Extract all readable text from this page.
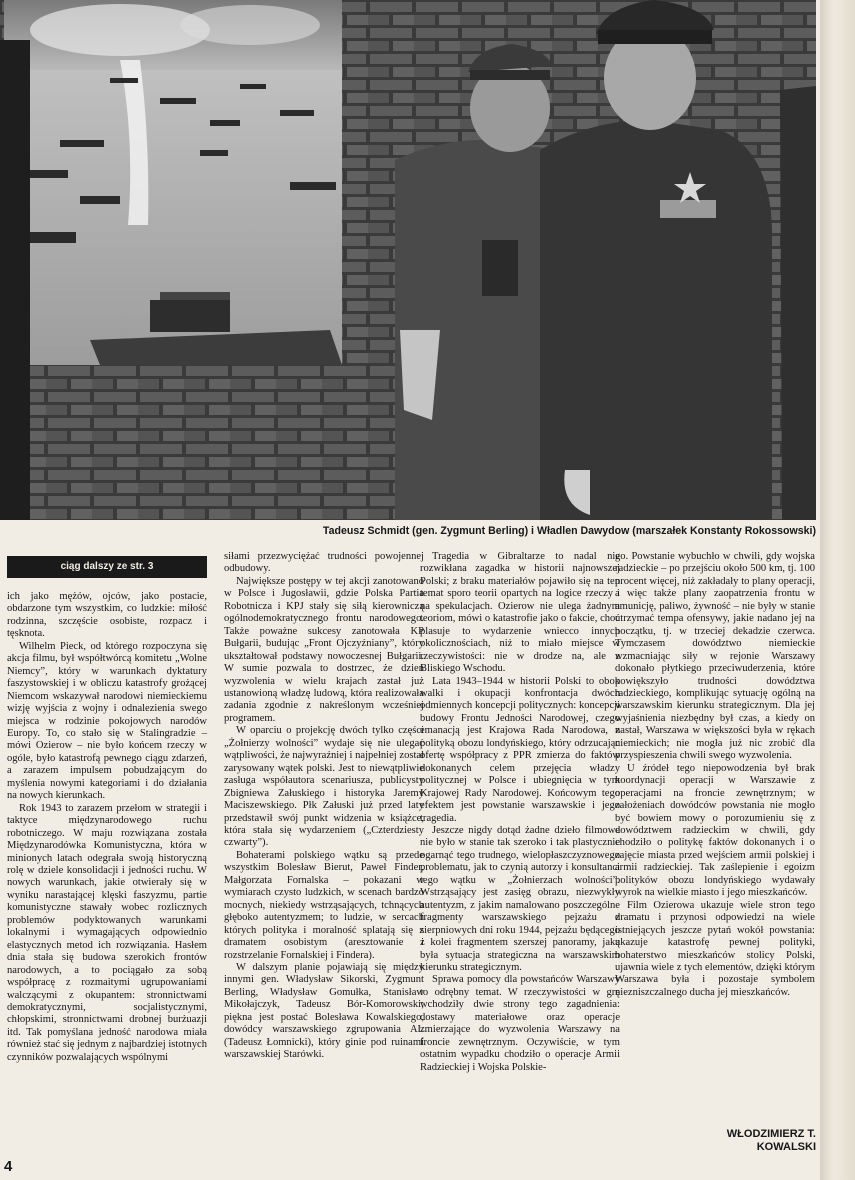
Tadeusz Schmidt (gen. Zygmunt Berling) i Władlen Dawydow (marszałek Konstanty Rokossowski)
ciąg dalszy ze str. 3

ich jako mężów, ojców, jako postacie, obdarzone tym wszystkim, co ludzkie: miłość rodzinna, szczęście osobiste, rozpacz i tęsknota.

Wilhelm Pieck, od którego rozpoczyna się akcja filmu, był współtwórcą komitetu „Wolne Niemcy”, który w warunkach dyktatury faszystowskiej i w obliczu katastrofy grożącej Niemcom wskazywał narodowi niemieckiemu wizję wyjścia z wojny i odnalezienia swego miejsca w rodzinie pokojowych narodów Europy. To, co stało się w Stalingradzie – mówi Ozierow – nie było końcem rzeczy w ogóle, było katastrofą pewnego ciągu zdarzeń, a zarazem impulsem pobudzającym do myślenia nowymi kategoriami i do działania na nowych kierunkach.

Rok 1943 to zarazem przełom w strategii i taktyce międzynarodowego ruchu robotniczego. W maju rozwiązana została Międzynarodówka Komunistyczna, która w minionych latach odegrała swoją historyczną rolę w dziele konsolidacji i jedności ruchu. W nowych warunkach, jakie otwierały się w wyniku narastającej klęski faszyzmu, partie komunistyczne stawały wobec rozlicznych problemów podyktowanych warunkami lokalnymi i wymagających odpowiednio elastycznych metod ich rozwiązania. Hasłem dnia stała się budowa szerokich frontów narodowych, a to pociągało za sobą współpracę z rozmaitymi ugrupowaniami walczącymi z okupantem: stronnictwami demokratycznymi, socjalistycznymi, chłopskimi, stronnictwami drobnej burżuazji itd. Tak pomyślana jedność narodowa miała również stać się jednym z najbardziej istotnych czynników pozwalających wspólnymi

siłami przezwyciężać trudności powojennej odbudowy.

Największe postępy w tej akcji zanotowano w Polsce i Jugosławii, gdzie Polska Partia Robotnicza i KPJ stały się siłą kierowniczą ogólnodemokratycznego frontu narodowego. Także poważne sukcesy zanotowała KP Bułgarii, budując „Front Ojczyźniany”, który ukształtował podstawy nowoczesnej Bułgarii. W sumie pozwala to dostrzec, że dzień wyzwolenia w wielu krajach zastał już ustanowioną władzę ludową, która realizowała zadania zgodnie z nakreślonym wcześniej programem.

W oparciu o projekcję dwóch tylko części „Żołnierzy wolności” wydaje się nie ulegać wątpliwości, że najwyraźniej i najpełniej został zarysowany wątek polski. Jest to niewątpliwie zasługa współautora scenariusza, publicysty Zbigniewa Załuskiego i historyka Jaremy Maciszewskiego. Płk Załuski już przed laty przedstawił swój punkt widzenia w książce, która stała się wydarzeniem („Czterdziesty czwarty”).

Bohaterami polskiego wątku są przede wszystkim Bolesław Bierut, Paweł Finder, Małgorzata Fornalska – pokazani w wymiarach czysto ludzkich, w scenach bardzo mocnych, niekiedy wstrząsających, tchnących głęboko autentyzmem; to ludzie, w sercach których polityka i moralność splatają się z dramatem osobistym (aresztowanie i rozstrzelanie Fornalskiej i Findera).

W dalszym planie pojawiają się między innymi gen. Władysław Sikorski, Zygmunt Berling, Władysław Gomułka, Stanisław Mikołajczyk, Tadeusz Bór-Komorowski; piękna jest postać Bolesława Kowalskiego, dowódcy warszawskiego zgrupowania AL (Tadeusz Łomnicki), który ginie pod ruinami warszawskiej Starówki.

Tragedia w Gibraltarze to nadal nie rozwikłana zagadka w historii najnowszej Polski; z braku materiałów pojawiło się na ten temat sporo teorii opartych na logice rzeczy i na spekulacjach. Ozierow nie ulega żadnym teoriom, mówi o katastrofie jako o fakcie, choć plasuje to wydarzenie wniecco innych okolicznościach, niż to miało miejsce w rzeczywistości: nie w drodze na, ale z Bliskiego Wschodu.

Lata 1943–1944 w historii Polski to obok walki i okupacji konfrontacja dwóch odmiennych koncepcji politycznych: koncepcji budowy Frontu Jedności Narodowej, czego emanacją jest Krajowa Rada Narodowa, z polityką obozu londyńskiego, który odrzucając ofertę współpracy z PPR zmierza do faktów dokonanych celem przejęcia władzy politycznej w Polsce i ubiegnięcia w tym Krajowej Rady Narodowej. Końcowym tego efektem jest powstanie warszawskie i jego tragedia.

Jeszcze nigdy dotąd żadne dzieło filmowe nie było w stanie tak szeroko i tak plastycznie ogarnąć tego trudnego, wielopłaszczyznowego problematu, jak to czynią autorzy i konsultanci tego wątku w „Żołnierzach wolności”. Wstrząsający jest zasięg obrazu, niezwykły autentyzm, z jakim namalowano poszczególne fragmenty warszawskiego pejzażu z sierpniowych dni roku 1944, pejzażu będącego z kolei fragmentem szerszej panoramy, jaką była sytuacja strategiczna na warszawskim kierunku strategicznym.

Sprawa pomocy dla powstańców Warszawy to odrębny temat. W rzeczywistości w grę wchodziły dwie strony tego zagadnienia: dostawy materiałowe oraz operacje zmierzające do wyzwolenia Warszawy na froncie zewnętrznym. Oczywiście, w tym ostatnim wypadku chodziło o operacje Armii Radzieckiej i Wojska Polskie-

go. Powstanie wybuchło w chwili, gdy wojska radzieckie – po przejściu około 500 km, tj. 100 procent więcej, niż zakładały to plany operacji, a więc także plany zaopatrzenia frontu w amunicję, paliwo, żywność – nie były w stanie utrzymać tempa ofensywy, jakie nadano jej na początku, tj. w trzeciej dekadzie czerwca. Tymczasem dowództwo niemieckie wzmacniając siły w rejonie Warszawy dokonało płytkiego przeciwuderzenia, które powiększyło trudności dowództwa radzieckiego, komplikując sytuację ogólną na warszawskim kierunku strategicznym. Dla jej wyjaśnienia niezbędny był czas, a kiedy on nastał, Warszawa w większości była w rękach niemieckich; nie mogła już nic zrobić dla przyspieszenia chwili swego wyzwolenia.

U źródeł tego niepowodzenia był brak koordynacji operacji w Warszawie z operacjami na froncie zewnętrznym; w założeniach dowódców powstania nie mogło być bowiem mowy o porozumieniu się z dowództwem radzieckim w chwili, gdy chodziło o politykę faktów dokonanych i o zajęcie miasta przed wejściem armii polskiej i armii radzieckiej. Tak zaślepienie i egoizm polityków obozu londyńskiego wydawały wyrok na wielkie miasto i jego mieszkańców.

Film Ozierowa ukazuje wiele stron tego dramatu i przynosi odpowiedzi na wiele istniejących jeszcze pytań wokół powstania: ukazuje katastrofę pewnej polityki, bohaterstwo mieszkańców stolicy Polski, ujawnia wiele z tych elementów, dzięki którym Warszawa była i pozostaje symbolem niezniszczalnego ducha jej mieszkańców.

WŁODZIMIERZ T.
KOWALSKI
4
